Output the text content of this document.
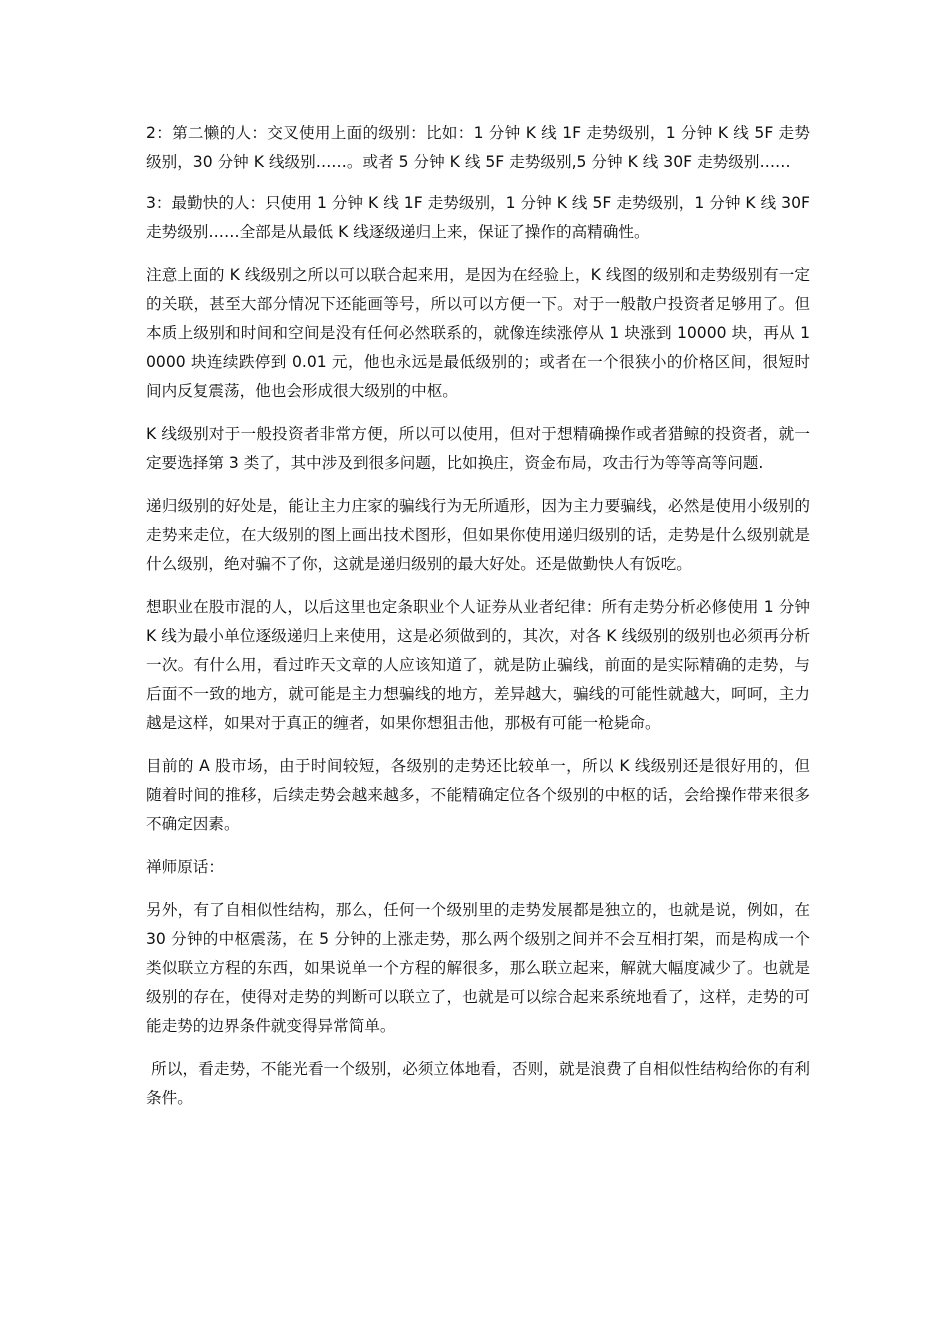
2：第二懒的人：交叉使用上面的级别：比如：1 分钟 K 线 1F 走势级别，1 分钟 K 线 5F 走势级别，30 分钟 K 线级别……。或者 5 分钟 K 线 5F 走势级别,5 分钟 K 线 30F 走势级别……

3：最勤快的人：只使用 1 分钟 K 线 1F 走势级别，1 分钟 K 线 5F 走势级别，1 分钟 K 线 30F 走势级别……全部是从最低 K 线逐级递归上来，保证了操作的高精确性。

注意上面的 K 线级别之所以可以联合起来用，是因为在经验上，K 线图的级别和走势级别有一定的关联，甚至大部分情况下还能画等号，所以可以方便一下。对于一般散户投资者足够用了。但本质上级别和时间和空间是没有任何必然联系的，就像连续涨停从 1 块涨到 10000 块，再从 10000 块连续跌停到 0.01 元，他也永远是最低级别的；或者在一个很狭小的价格区间，很短时间内反复震荡，他也会形成很大级别的中枢。

K 线级别对于一般投资者非常方便，所以可以使用，但对于想精确操作或者猎鲸的投资者，就一定要选择第 3 类了，其中涉及到很多问题，比如换庄，资金布局，攻击行为等等高等问题.

递归级别的好处是，能让主力庄家的骗线行为无所遁形，因为主力要骗线，必然是使用小级别的走势来走位，在大级别的图上画出技术图形，但如果你使用递归级别的话，走势是什么级别就是什么级别，绝对骗不了你，这就是递归级别的最大好处。还是做勤快人有饭吃。

想职业在股市混的人，以后这里也定条职业个人证券从业者纪律：所有走势分析必修使用 1 分钟 K 线为最小单位逐级递归上来使用，这是必须做到的，其次，对各 K 线级别的级别也必须再分析一次。有什么用，看过昨天文章的人应该知道了，就是防止骗线，前面的是实际精确的走势，与后面不一致的地方，就可能是主力想骗线的地方，差异越大，骗线的可能性就越大，呵呵，主力越是这样，如果对于真正的缠者，如果你想狙击他，那极有可能一枪毙命。

目前的 A 股市场，由于时间较短，各级别的走势还比较单一，所以 K 线级别还是很好用的，但随着时间的推移，后续走势会越来越多，不能精确定位各个级别的中枢的话，会给操作带来很多不确定因素。

禅师原话：

另外，有了自相似性结构，那么，任何一个级别里的走势发展都是独立的，也就是说，例如，在 30 分钟的中枢震荡，在 5 分钟的上涨走势，那么两个级别之间并不会互相打架，而是构成一个类似联立方程的东西，如果说单一个方程的解很多，那么联立起来，解就大幅度减少了。也就是级别的存在，使得对走势的判断可以联立了，也就是可以综合起来系统地看了，这样，走势的可能走势的边界条件就变得异常简单。

所以，看走势，不能光看一个级别，必须立体地看，否则，就是浪费了自相似性结构给你的有利条件。
